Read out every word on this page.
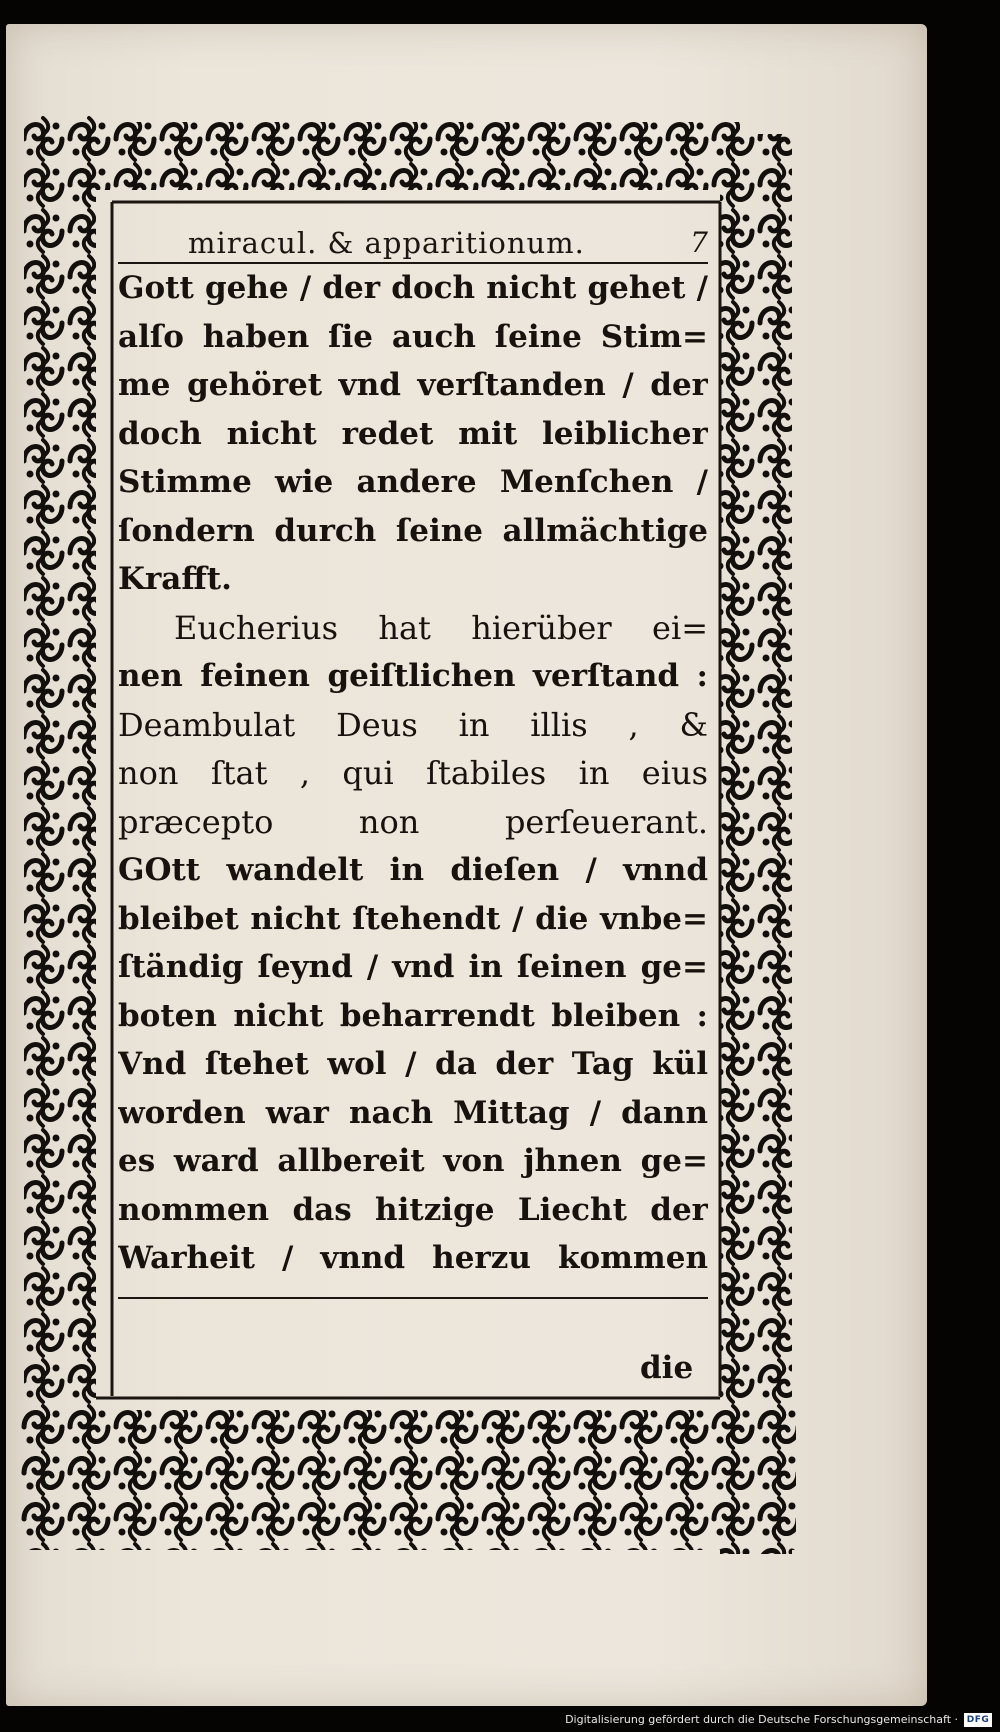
miracul. & apparitionum.	7
Gott gehe / der doch nicht gehet /
alſo haben ſie auch ſeine Stim=
me gehöret vnd verſtanden / der
doch nicht redet mit leiblicher
Stimme wie andere Menſchen /
ſondern durch ſeine allmächtige
Krafft.
Eucherius hat hierüber ei=
nen feinen geiſtlichen verſtand :
Deambulat Deus in illis , &
non ſtat , qui ſtabiles in eius
præcepto non perſeuerant.
GOtt wandelt in dieſen / vnnd
bleibet nicht ſtehendt / die vnbe=
ſtändig ſeynd / vnd in ſeinen ge=
boten nicht beharrendt bleiben :
Vnd ſtehet wol / da der Tag kül
worden war nach Mittag / dann
es ward allbereit von jhnen ge=
nommen das hitzige Liecht der
Warheit / vnnd herzu kommen
die
Digitalisierung gefördert durch die Deutsche Forschungsgemeinschaft · DFG
